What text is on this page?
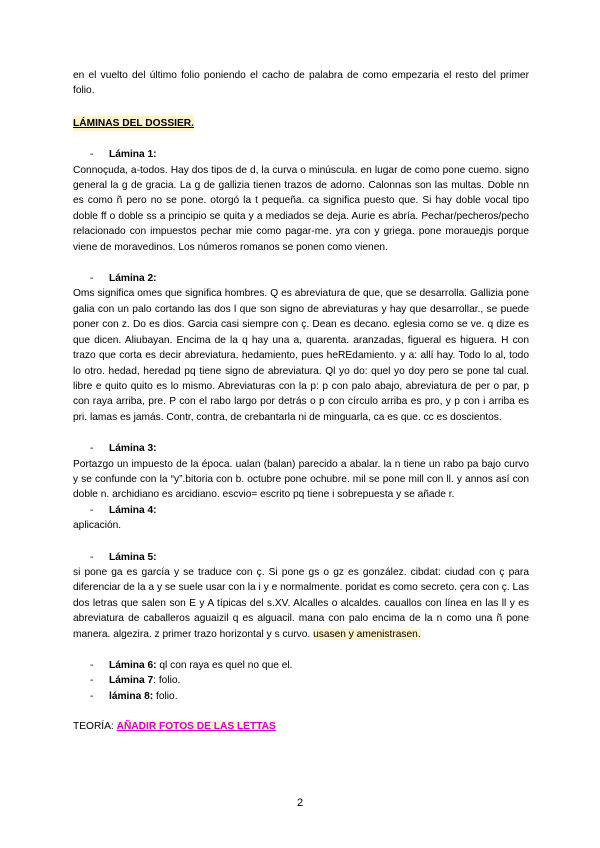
en el vuelto del último folio poniendo el cacho de palabra de como empezaria el resto del primer folio.

LÁMINAS DEL DOSSIER.
- Lámina 1:

Connoçuda, a-todos. Hay dos tipos de d, la curva o minúscula. en lugar de como pone cuemo. signo general la g de gracia. La g de gallizia tienen trazos de adorno. Calonnas son las multas. Doble nn es como ñ pero no se pone. otorgó la t pequeña. ca significa puesto que. Si hay doble vocal tipo doble ff o doble ss a principio se quita y a mediados se deja. Aurie es abría. Pechar/pecheros/pecho relacionado con impuestos pechar mie como pagar-me. yra con y griega. pone moraueдis porque viene de moravedinos. Los números romanos se ponen como vienen.

- Lámina 2:

Oms significa omes que significa hombres. Q es abreviatura de que, que se desarrolla. Gallizia pone galia con un palo cortando las dos l que son signo de abreviaturas y hay que desarrollar., se puede poner con z. Do es dios. Garcia casi siempre con ç. Dean es decano. eglesia como se ve. q dize es que dicen. Aliubayan. Encima de la q hay una a, quarenta. aranzadas, figueral es higuera. H con trazo que corta es decir abreviatura. hedamiento, pues heREdamiento. y a: allí hay. Todo lo al, todo lo otro. hedad, heredad pq tiene signo de abreviatura. Ql yo do: quel yo doy pero se pone tal cual. libre e quito quito es lo mismo. Abreviaturas con la p: p con palo abajo, abreviatura de per o par, p con raya arriba, pre. P con el rabo largo por detrás o p con círculo arriba es pro, y p con i arriba es pri. lamas es jamás. Contr, contra, de crebantarla ni de minguarla, ca es que. cc es doscientos.

- Lámina 3:

Portazgo un impuesto de la época. ualan (balan) parecido a abalar. la n tiene un rabo pa bajo curvo y se confunde con la “y”.bitoria con b. octubre pone ochubre. mil se pone mill con ll. y annos así con doble n. archidiano es arcidiano. escvio= escrito pq tiene i sobrepuesta y se añade r.

- Lámina 4:

aplicación.

- Lámina 5:

si pone ga es garcía y se traduce con ç. Si pone gs o gz es gonzález. cibdat: ciudad con ç para diferenciar de la a y se suele usar con la i y e normalmente. poridat es como secreto. çera con ç. Las dos letras que salen son E y A típicas del s.XV. Alcalles o alcaldes. cauallos con línea en las ll y es abreviatura de caballeros aguaizil q es alguacil. mana con palo encima de la n como una ñ pone manera. algezira. z primer trazo horizontal y s curvo. usasen y amenistrasen.

- Lámina 6: ql con raya es quel no que el.
- Lámina 7: folio.
- lámina 8: folio.

TEORÍA: AÑADIR FOTOS DE LAS LETTAS

2
